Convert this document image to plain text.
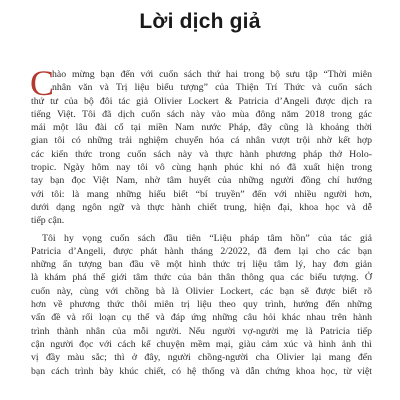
Lời dịch giả
C
hào mừng bạn đến với cuốn sách thứ hai trong bộ sưu tập “Thời miên
nhân văn và Trị liệu biểu tượng” của Thiện Trí Thức và cuốn sách
thứ tư của bộ đôi tác giả Olivier Lockert & Patricia d’Angeli được dịch ra
tiếng Việt. Tôi đã dịch cuốn sách này vào mùa đông năm 2018 trong gác
mái một lâu đài cổ tại miền Nam nước Pháp, đây cũng là khoảng thời
gian tôi có những trải nghiệm chuyển hóa cá nhân vượt trội nhờ kết hợp
các kiến thức trong cuốn sách này và thực hành phương pháp thở Holo-
tropic. Ngày hôm nay tôi vô cùng hạnh phúc khi nó đã xuất hiện trong
tay bạn đọc Việt Nam, nhờ tâm huyết của những người đồng chí hướng
với tôi: là mang những hiểu biết “bí truyền” đến với nhiều người hơn,
dưới dạng ngôn ngữ và thực hành chiết trung, hiện đại, khoa học và dễ
tiếp cận.
Tôi hy vọng cuốn sách đầu tiên “Liệu pháp tâm hồn” của tác giả
Patricia d’Angeli, được phát hành tháng 2/2022, đã đem lại cho các bạn
những ấn tượng ban đầu về một hình thức trị liệu tâm lý, hay đơn giản
là khám phá thế giới tâm thức của bản thân thông qua các biểu tượng. Ở
cuốn này, cùng với chồng bà là Olivier Lockert, các bạn sẽ được biết rõ
hơn về phương thức thôi miên trị liệu theo quy trình, hướng đến những
vấn đề và rối loạn cụ thể và đáp ứng những câu hỏi khác nhau trên hành
trình thành nhân của mỗi người. Nếu người vợ-người mẹ là Patricia tiếp
cận người đọc với cách kể chuyện mềm mại, giàu cảm xúc và hình ảnh thì
vị đầy màu sắc; thì ở đây, người chồng-người cha Olivier lại mang đến
bạn cách trình bày khúc chiết, có hệ thống và dẫn chứng khoa học, từ việt
